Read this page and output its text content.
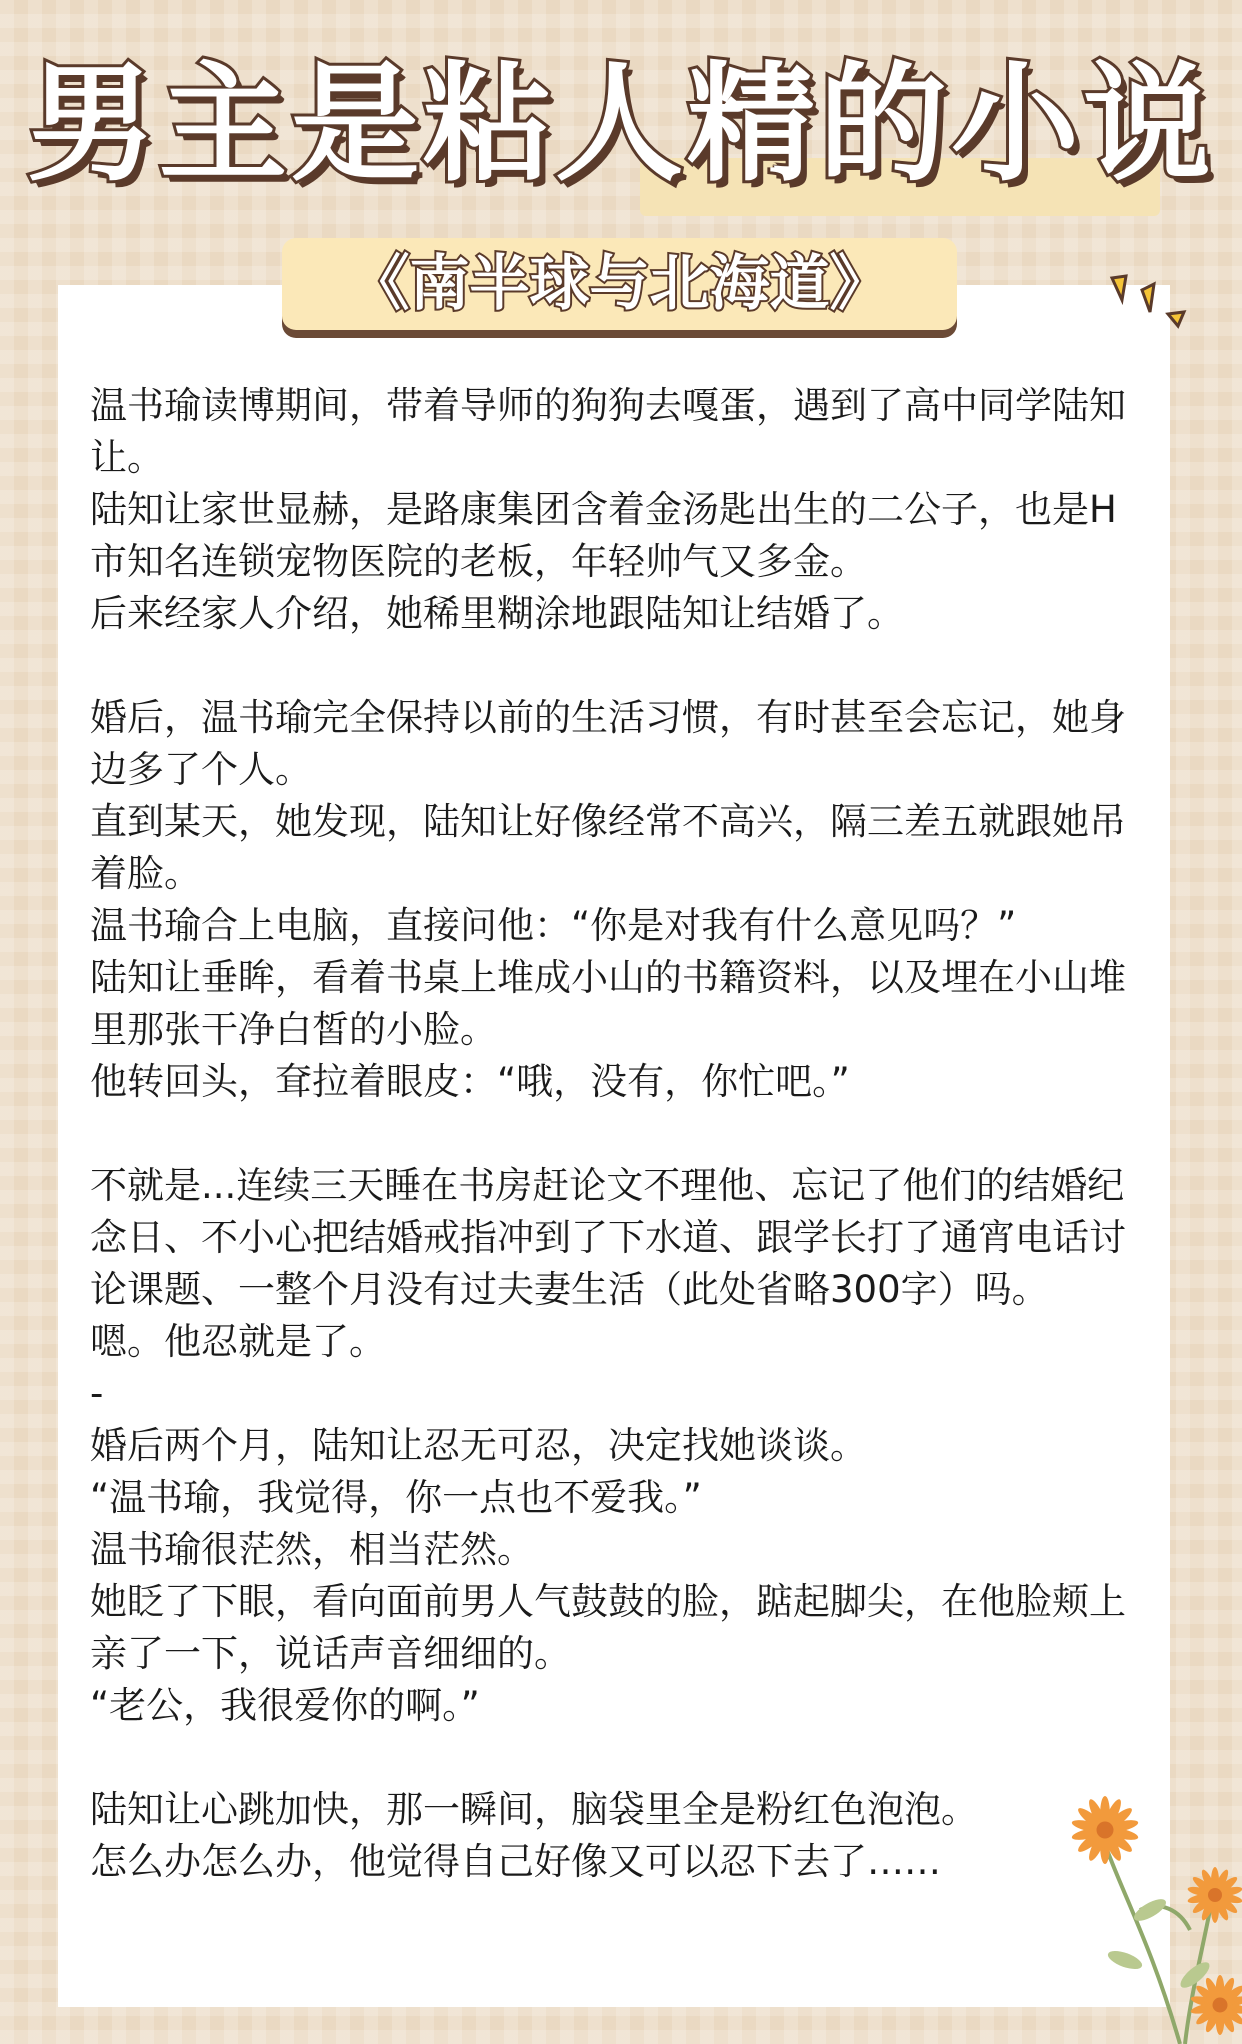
男主是粘人精的小说
《南半球与北海道》

温书瑜读博期间，带着导师的狗狗去嘎蛋，遇到了高中同学陆知让。

陆知让家世显赫，是路康集团含着金汤匙出生的二公子，也是H市知名连锁宠物医院的老板，年轻帅气又多金。

后来经家人介绍，她稀里糊涂地跟陆知让结婚了。

婚后，温书瑜完全保持以前的生活习惯，有时甚至会忘记，她身边多了个人。

直到某天，她发现，陆知让好像经常不高兴，隔三差五就跟她吊着脸。

温书瑜合上电脑，直接问他：“你是对我有什么意见吗？”

陆知让垂眸，看着书桌上堆成小山的书籍资料，以及埋在小山堆里那张干净白皙的小脸。

他转回头，耷拉着眼皮：“哦，没有，你忙吧。”

不就是...连续三天睡在书房赶论文不理他、忘记了他们的结婚纪念日、不小心把结婚戒指冲到了下水道、跟学长打了通宵电话讨论课题、一整个月没有过夫妻生活（此处省略300字）吗。

嗯。他忍就是了。

-

婚后两个月，陆知让忍无可忍，决定找她谈谈。

“温书瑜，我觉得，你一点也不爱我。”

温书瑜很茫然，相当茫然。

她眨了下眼，看向面前男人气鼓鼓的脸，踮起脚尖，在他脸颊上亲了一下，说话声音细细的。

“老公，我很爱你的啊。”

陆知让心跳加快，那一瞬间，脑袋里全是粉红色泡泡。

怎么办怎么办，他觉得自己好像又可以忍下去了……
